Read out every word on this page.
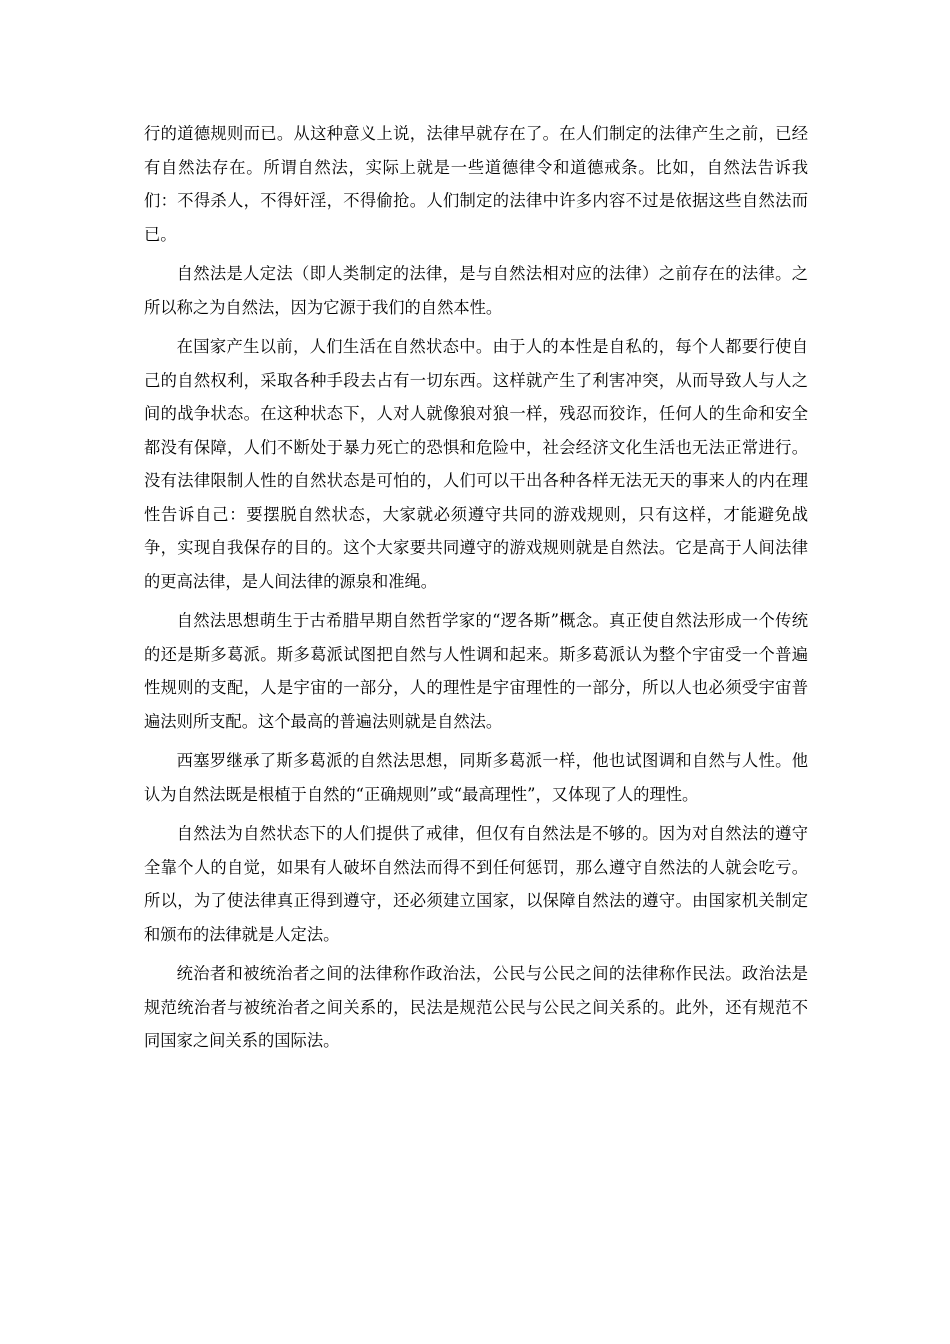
行的道德规则而已。从这种意义上说，法律早就存在了。在人们制定的法律产生之前，已经有自然法存在。所谓自然法，实际上就是一些道德律令和道德戒条。比如，自然法告诉我们：不得杀人，不得奸淫，不得偷抢。人们制定的法律中许多内容不过是依据这些自然法而已。

自然法是人定法（即人类制定的法律，是与自然法相对应的法律）之前存在的法律。之所以称之为自然法，因为它源于我们的自然本性。

在国家产生以前，人们生活在自然状态中。由于人的本性是自私的，每个人都要行使自己的自然权利，采取各种手段去占有一切东西。这样就产生了利害冲突，从而导致人与人之间的战争状态。在这种状态下，人对人就像狼对狼一样，残忍而狡诈，任何人的生命和安全都没有保障，人们不断处于暴力死亡的恐惧和危险中，社会经济文化生活也无法正常进行。没有法律限制人性的自然状态是可怕的，人们可以干出各种各样无法无天的事来人的内在理性告诉自己：要摆脱自然状态，大家就必须遵守共同的游戏规则，只有这样，才能避免战争，实现自我保存的目的。这个大家要共同遵守的游戏规则就是自然法。它是高于人间法律的更高法律，是人间法律的源泉和准绳。

自然法思想萌生于古希腊早期自然哲学家的“逻各斯”概念。真正使自然法形成一个传统的还是斯多葛派。斯多葛派试图把自然与人性调和起来。斯多葛派认为整个宇宙受一个普遍性规则的支配，人是宇宙的一部分，人的理性是宇宙理性的一部分，所以人也必须受宇宙普遍法则所支配。这个最高的普遍法则就是自然法。

西塞罗继承了斯多葛派的自然法思想，同斯多葛派一样，他也试图调和自然与人性。他认为自然法既是根植于自然的“正确规则”或“最高理性”，又体现了人的理性。

自然法为自然状态下的人们提供了戒律，但仅有自然法是不够的。因为对自然法的遵守全靠个人的自觉，如果有人破坏自然法而得不到任何惩罚，那么遵守自然法的人就会吃亏。所以，为了使法律真正得到遵守，还必须建立国家，以保障自然法的遵守。由国家机关制定和颁布的法律就是人定法。

统治者和被统治者之间的法律称作政治法，公民与公民之间的法律称作民法。政治法是规范统治者与被统治者之间关系的，民法是规范公民与公民之间关系的。此外，还有规范不同国家之间关系的国际法。
